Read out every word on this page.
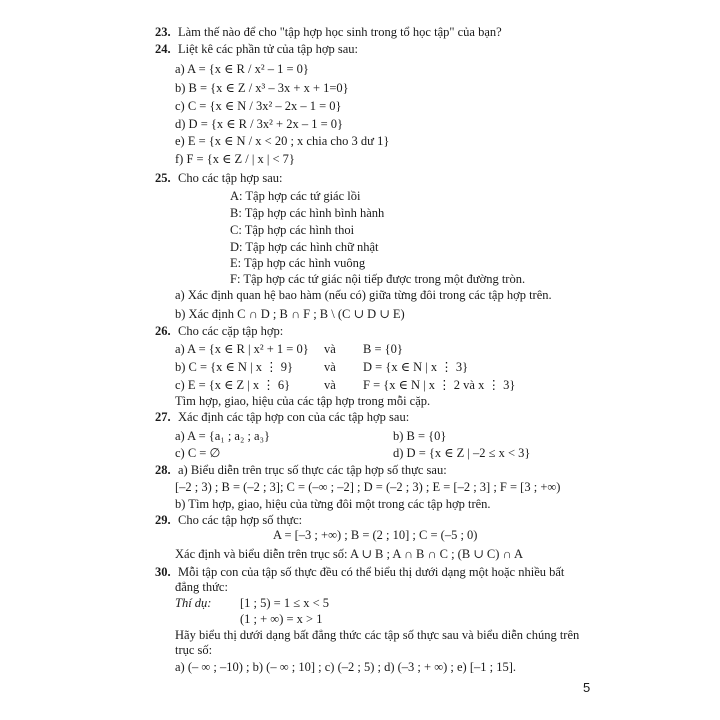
23. Làm thế nào để cho "tập hợp học sinh trong tổ học tập" của bạn?
24. Liệt kê các phần tử của tập hợp sau:
a) A = {x ∈ R / x² – 1 = 0}
b) B = {x ∈ Z / x³ – 3x + x + 1=0}
c) C = {x ∈ N / 3x² – 2x – 1 = 0}
d) D = {x ∈ R / 3x² + 2x – 1 = 0}
e) E = {x ∈ N / x < 20 ; x chia cho 3 dư 1}
f) F = {x ∈ Z / | x | < 7}
25. Cho các tập hợp sau:
A: Tập hợp các tứ giác lồi
B: Tập hợp các hình bình hành
C: Tập hợp các hình thoi
D: Tập hợp các hình chữ nhật
E: Tập hợp các hình vuông
F: Tập hợp các tứ giác nội tiếp được trong một đường tròn.
a) Xác định quan hệ bao hàm (nếu có) giữa từng đôi trong các tập hợp trên.
b) Xác định C ∩ D ; B ∩ F ; B \ (C ∪ D ∪ E)
26. Cho các cặp tập hợp:
a) A = {x ∈ R | x² + 1 = 0} và B = {0}
b) C = {x ∈ N | x ⋮ 9} và D = {x ∈ N | x ⋮ 3}
c) E = {x ∈ Z | x ⋮ 6}	và F = {x ∈ N | x ⋮ 2 và x ⋮ 3}
Tìm hợp, giao, hiệu của các tập hợp trong mỗi cặp.
27. Xác định các tập hợp con của các tập hợp sau:
a) A = {a₁ ; a₂ ; a₃}	b) B = {0}
c) C = ∅	d) D = {x ∈ Z | –2 ≤ x < 3}
28. a) Biểu diễn trên trục số thực các tập hợp số thực sau:
[–2 ; 3) ; B = (–2 ; 3]; C = (–∞ ; –2] ; D = (–2 ; 3) ; E = [–2 ; 3] ; F = [3 ; +∞)
b) Tìm hợp, giao, hiệu của từng đôi một trong các tập hợp trên.
29. Cho các tập hợp số thực:
A = [–3 ; +∞) ; B = (2 ; 10] ; C = (–5 ; 0)
Xác định và biểu diễn trên trục số: A ∪ B ; A ∩ B ∩ C ; (B ∪ C) ∩ A
30. Mỗi tập con của tập số thực đều có thể biểu thị dưới dạng một hoặc nhiều bất
đẳng thức:
Thí dụ: [1 ; 5) = 1 ≤ x < 5
(1 ; + ∞) = x > 1
Hãy biểu thị dưới dạng bất đẳng thức các tập số thực sau và biểu diễn chúng trên
trục số:
a) (– ∞ ; –10) ; b) (– ∞ ; 10] ; c) (–2 ; 5) ; d) (–3 ; + ∞) ; e) [–1 ; 15].
5
